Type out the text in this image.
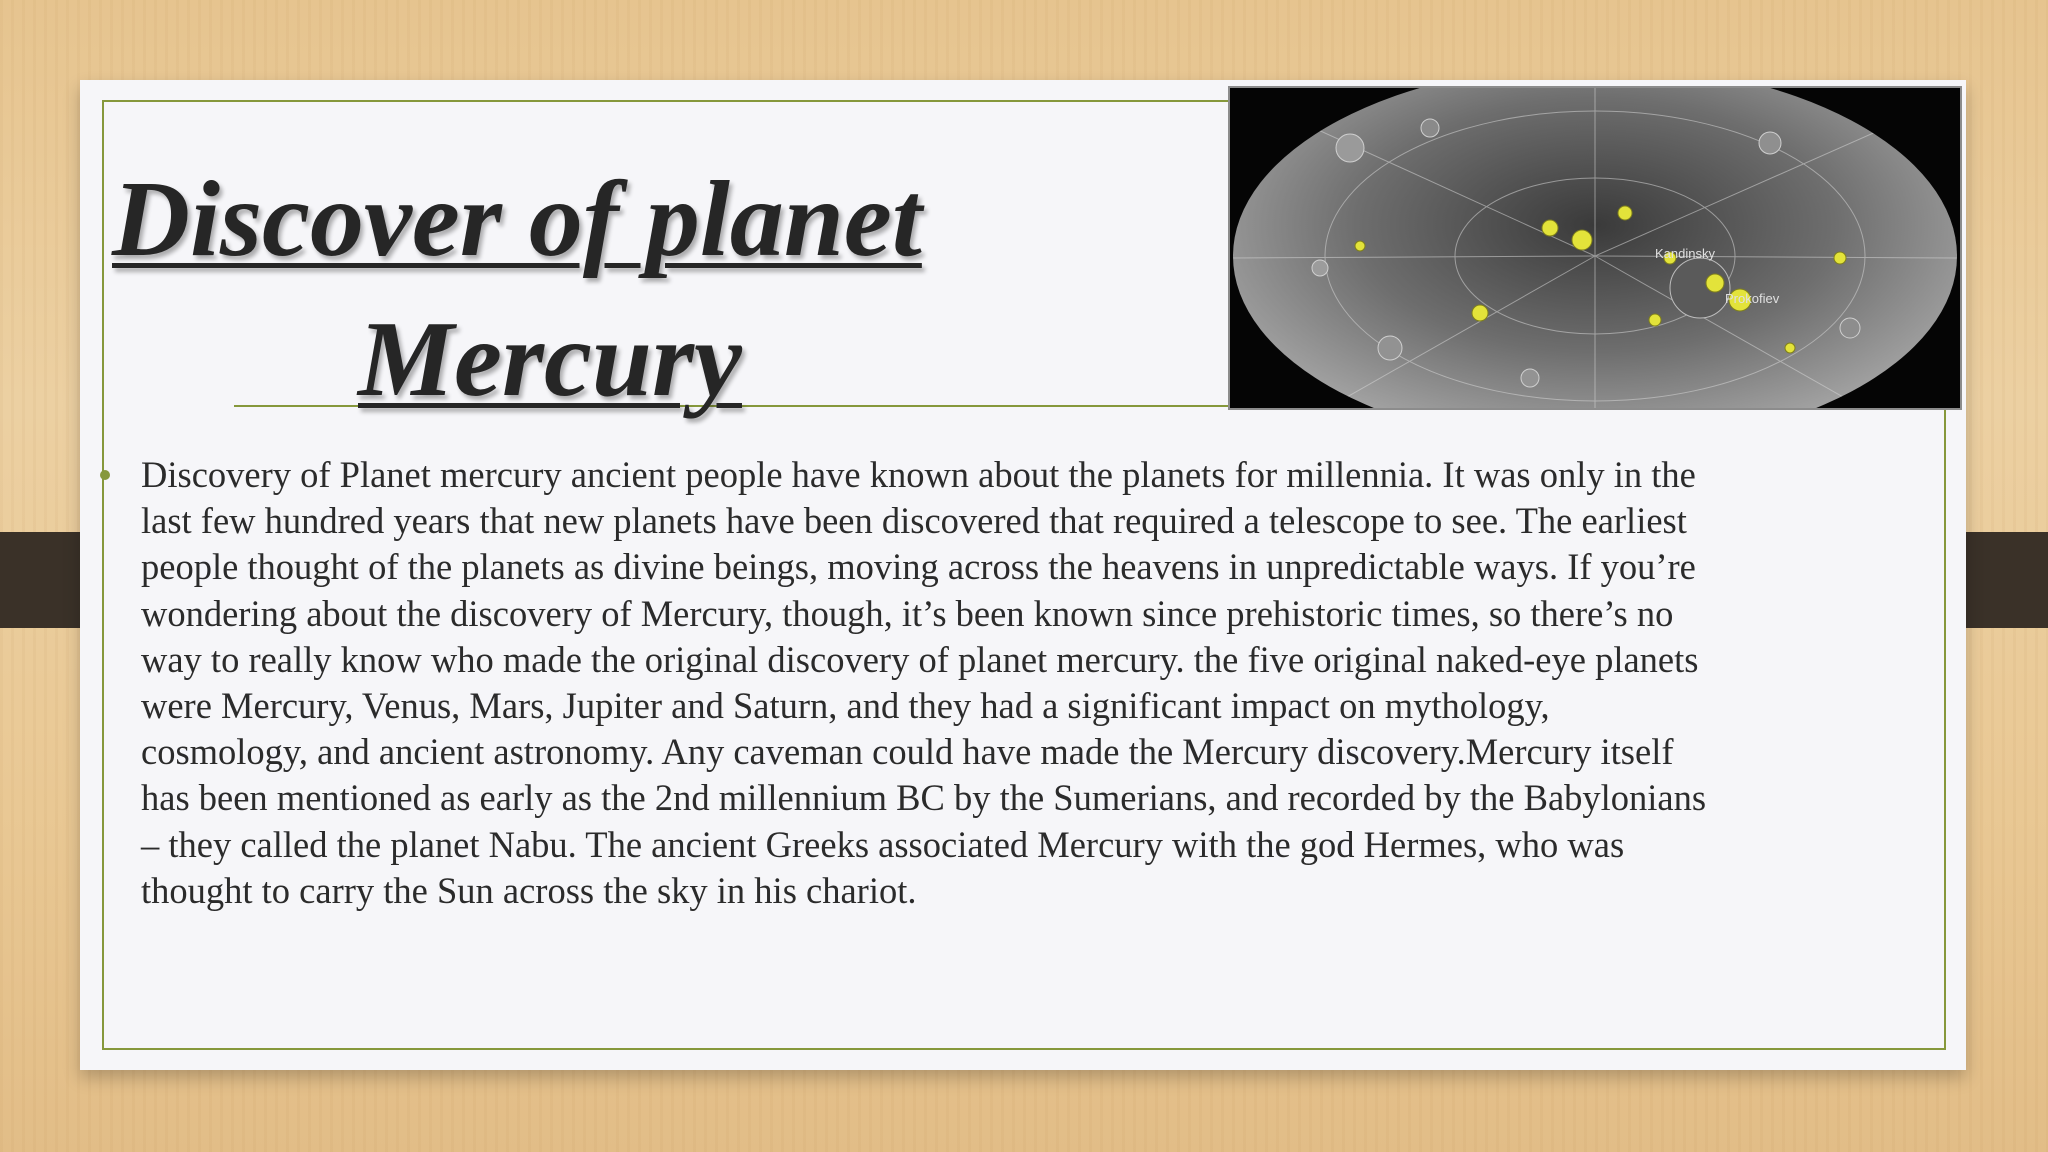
Discover of planet
Mercury
Kandinsky
Prokofiev

Discovery of Planet mercury ancient people have known about the planets for millennia. It was only in the last few hundred years that new planets have been discovered that required a telescope to see. The earliest people thought of the planets as divine beings, moving across the heavens in unpredictable ways. If you’re wondering about the discovery of Mercury, though, it’s been known since prehistoric times, so there’s no way to really know who made the original discovery of planet mercury. the five original naked-eye planets were Mercury, Venus, Mars, Jupiter and Saturn, and they had a significant impact on mythology, cosmology, and ancient astronomy. Any caveman could have made the Mercury discovery.Mercury itself has been mentioned as early as the 2nd millennium BC by the Sumerians, and recorded by the Babylonians – they called the planet Nabu. The ancient Greeks associated Mercury with the god Hermes, who was thought to carry the Sun across the sky in his chariot.
